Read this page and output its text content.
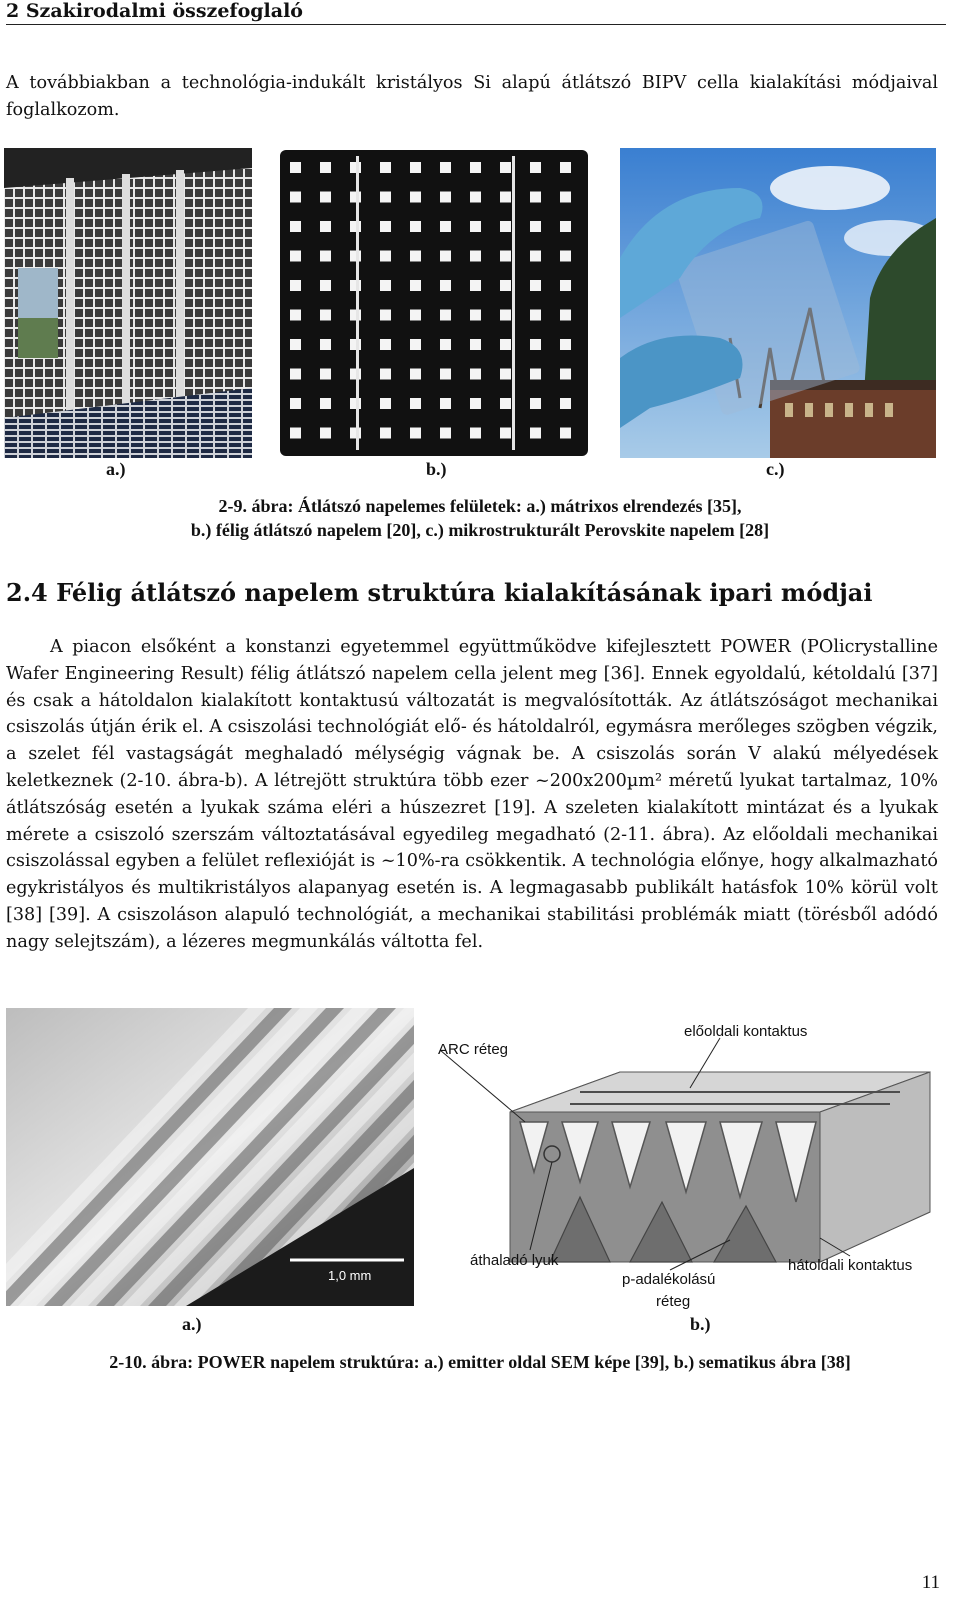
2 Szakirodalmi összefoglaló

A továbbiakban a technológia-indukált kristályos Si alapú átlátszó BIPV cella kialakítási módjaival foglalkozom.

a.)	b.)	c.)
2-9. ábra: Átlátszó napelemes felületek: a.) mátrixos elrendezés [35],
b.) félig átlátszó napelem [20], c.) mikrostrukturált Perovskite napelem [28]
2.4 Félig átlátszó napelem struktúra kialakításának ipari módjai

A piacon elsőként a konstanzi egyetemmel együttműködve kifejlesztett POWER (POlicrystalline Wafer Engineering Result) félig átlátszó napelem cella jelent meg [36]. Ennek egyoldalú, kétoldalú [37] és csak a hátoldalon kialakított kontaktusú változatát is megvalósították. Az átlátszóságot mechanikai csiszolás útján érik el. A csiszolási technológiát elő- és hátoldalról, egymásra merőleges szögben végzik, a szelet fél vastagságát meghaladó mélységig vágnak be. A csiszolás során V alakú mélyedések keletkeznek (2-10. ábra-b). A létrejött struktúra több ezer ~200x200µm² méretű lyukat tartalmaz, 10% átlátszóság esetén a lyukak száma eléri a húszezret [19]. A szeleten kialakított mintázat és a lyukak mérete a csiszoló szerszám változtatásával egyedileg megadható (2-11. ábra). Az előoldali mechanikai csiszolással egyben a felület reflexióját is ~10%-ra csökkentik. A technológia előnye, hogy alkalmazható egykristályos és multikristályos alapanyag esetén is. A legmagasabb publikált hatásfok 10% körül volt [38] [39]. A csiszoláson alapuló technológiát, a mechanikai stabilitási problémák miatt (törésből adódó nagy selejtszám), a lézeres megmunkálás váltotta fel.

1,0 mm
ARC réteg
előoldali kontaktus
áthaladó lyuk
p-adalékolású
réteg
hátoldali kontaktus
a.)	b.)
2-10. ábra: POWER napelem struktúra: a.) emitter oldal SEM képe [39], b.) sematikus ábra [38]
11
